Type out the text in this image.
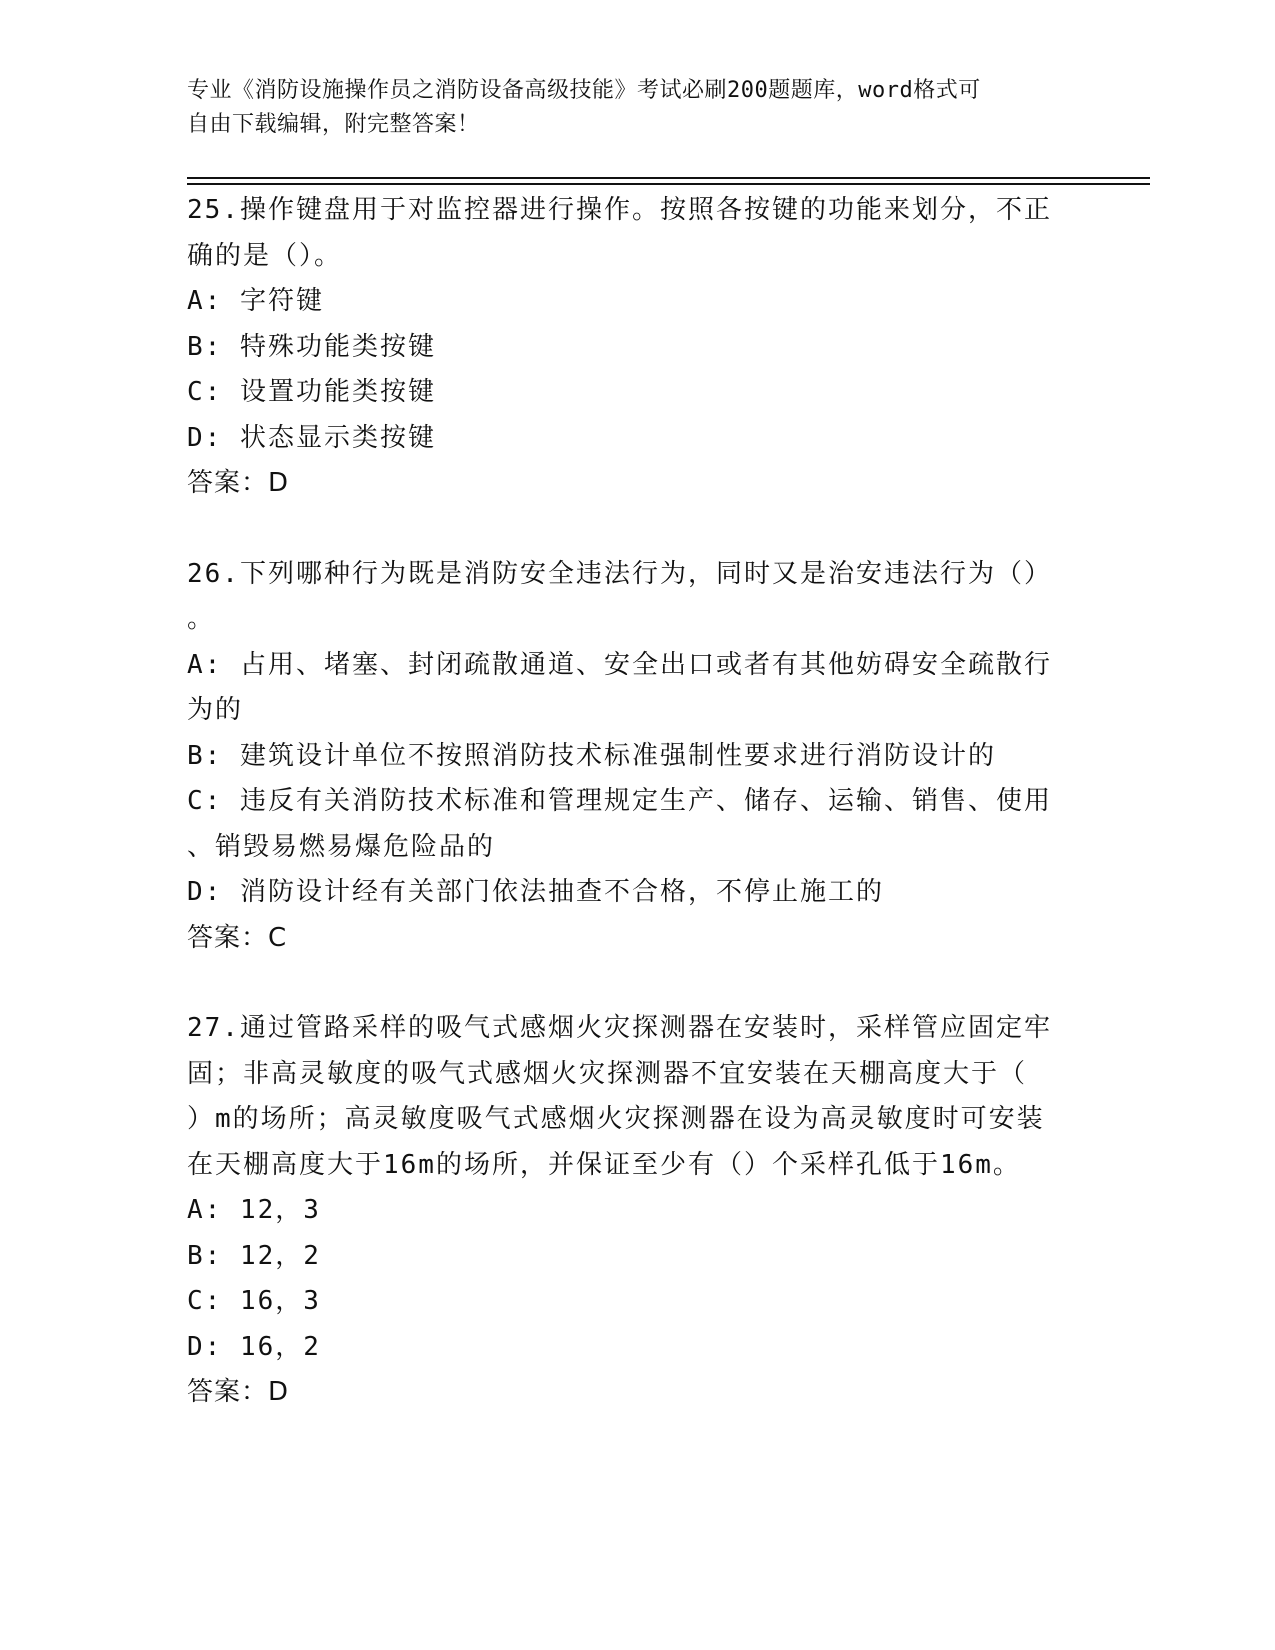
专业《消防设施操作员之消防设备高级技能》考试必刷200题题库，word格式可
自由下载编辑，附完整答案！

25.操作键盘用于对监控器进行操作。按照各按键的功能来划分，不正

确的是（）。

A: 字符键

B: 特殊功能类按键

C: 设置功能类按键

D: 状态显示类按键

答案：D

26.下列哪种行为既是消防安全违法行为，同时又是治安违法行为（）

。

A: 占用、堵塞、封闭疏散通道、安全出口或者有其他妨碍安全疏散行

为的

B: 建筑设计单位不按照消防技术标准强制性要求进行消防设计的

C: 违反有关消防技术标准和管理规定生产、储存、运输、销售、使用

、销毁易燃易爆危险品的

D: 消防设计经有关部门依法抽查不合格，不停止施工的

答案：C

27.通过管路采样的吸气式感烟火灾探测器在安装时，采样管应固定牢

固；非高灵敏度的吸气式感烟火灾探测器不宜安装在天棚高度大于（

）m的场所；高灵敏度吸气式感烟火灾探测器在设为高灵敏度时可安装

在天棚高度大于16m的场所，并保证至少有（）个采样孔低于16m。

A: 12，3

B: 12，2

C: 16，3

D: 16，2

答案：D
